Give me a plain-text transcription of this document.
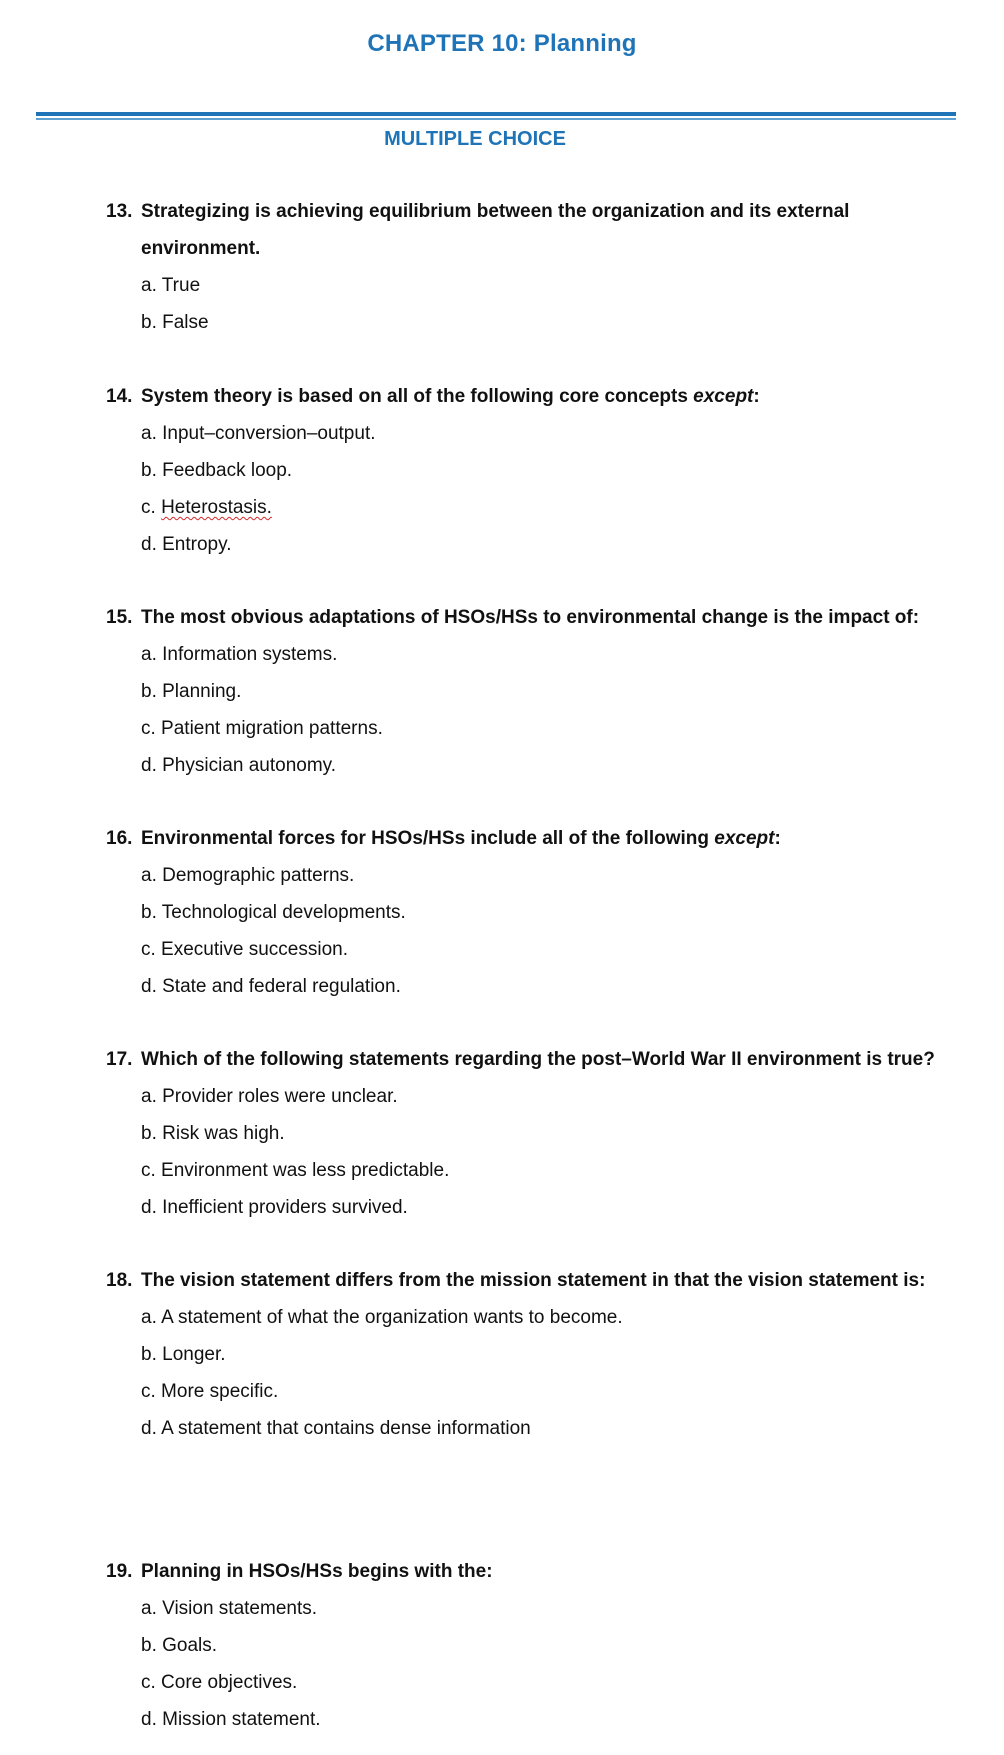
CHAPTER 10: Planning
MULTIPLE CHOICE
13. Strategizing is achieving equilibrium between the organization and its external environment.
a. True
b. False
14. System theory is based on all of the following core concepts except:
a. Input–conversion–output.
b. Feedback loop.
c. Heterostasis.
d. Entropy.
15. The most obvious adaptations of HSOs/HSs to environmental change is the impact of:
a. Information systems.
b. Planning.
c. Patient migration patterns.
d. Physician autonomy.
16. Environmental forces for HSOs/HSs include all of the following except:
a. Demographic patterns.
b. Technological developments.
c. Executive succession.
d. State and federal regulation.
17. Which of the following statements regarding the post–World War II environment is true?
a. Provider roles were unclear.
b. Risk was high.
c. Environment was less predictable.
d. Inefficient providers survived.
18. The vision statement differs from the mission statement in that the vision statement is:
a. A statement of what the organization wants to become.
b. Longer.
c. More specific.
d. A statement that contains dense information
19. Planning in HSOs/HSs begins with the:
a. Vision statements.
b. Goals.
c. Core objectives.
d. Mission statement.
